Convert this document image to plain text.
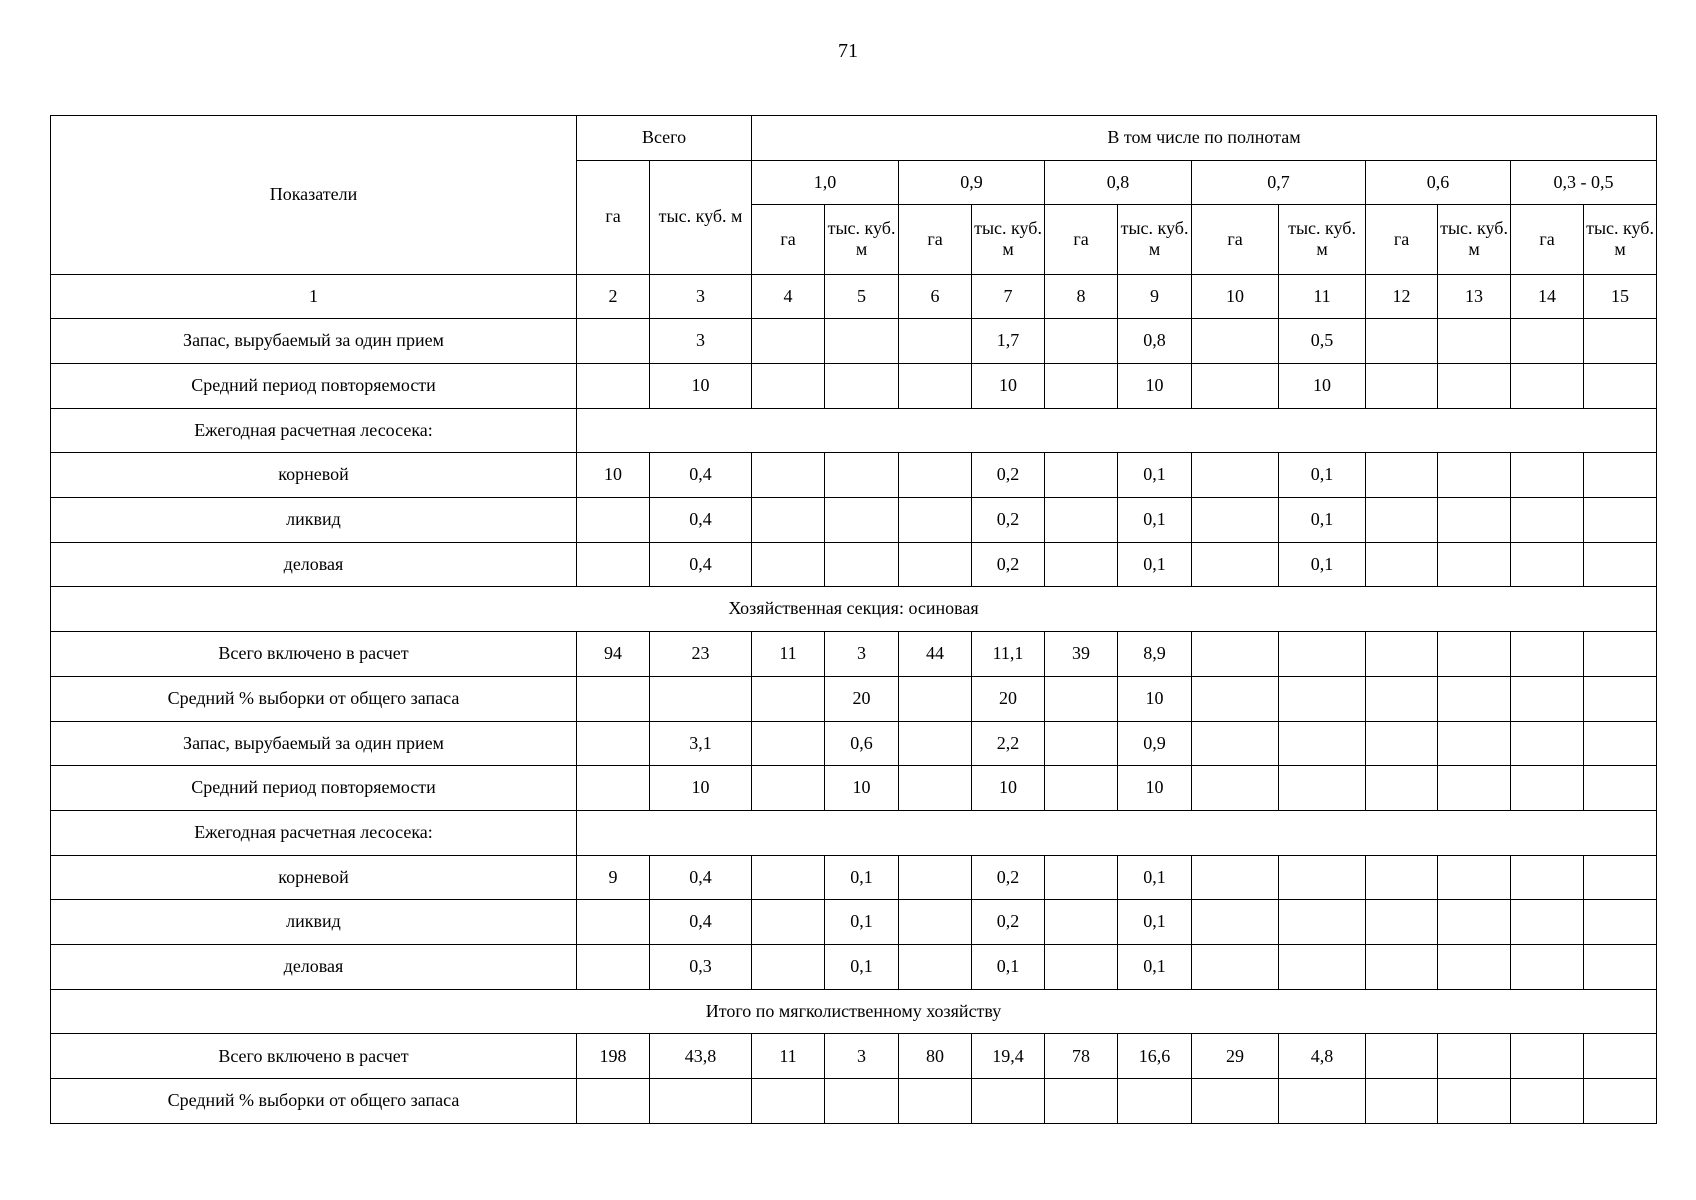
71
Показатели	Всего		В том числе по полнотам											
	га	тыс. куб. м	1,0		0,9		0,8		0,7		0,6		0,3 - 0,5	
			га	тыс. куб. м	га	тыс. куб. м	га	тыс. куб. м	га	тыс. куб. м	га	тыс. куб. м	га	тыс. куб. м
1	2	3	4	5	6	7	8	9	10	11	12	13	14	15
Запас, вырубаемый за один прием		3				1,7		0,8		0,5				
Средний период повторяемости		10				10		10		10				
Ежегодная расчетная лесосека:														
корневой	10	0,4				0,2		0,1		0,1				
ликвид		0,4				0,2		0,1		0,1				
деловая		0,4				0,2		0,1		0,1				
Хозяйственная секция: осиновая														
Всего включено в расчет	94	23	11	3	44	11,1	39	8,9						
Средний % выборки от общего запаса				20		20		10						
Запас, вырубаемый за один прием		3,1		0,6		2,2		0,9						
Средний период повторяемости		10		10		10		10						
Ежегодная расчетная лесосека:														
корневой	9	0,4		0,1		0,2		0,1						
ликвид		0,4		0,1		0,2		0,1						
деловая		0,3		0,1		0,1		0,1						
Итого по мягколиственному хозяйству														
Всего включено в расчет	198	43,8	11	3	80	19,4	78	16,6	29	4,8				
Средний % выборки от общего запаса														
